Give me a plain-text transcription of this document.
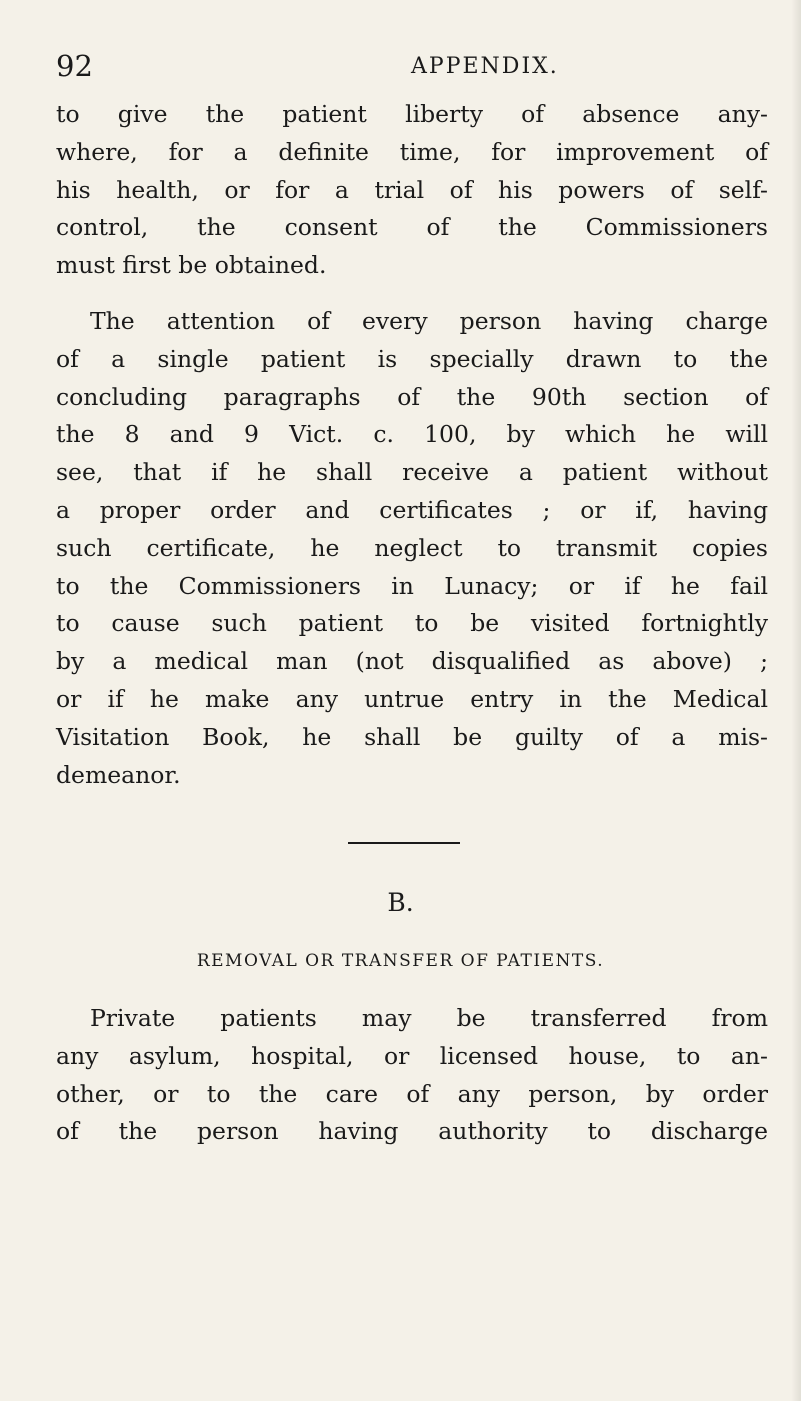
92	APPENDIX.

to give the patient liberty of absence any-
where, for a definite time, for improvement of
his health, or for a trial of his powers of self-
control, the consent of the Commissioners
must first be obtained.

The attention of every person having charge
of a single patient is specially drawn to the
concluding paragraphs of the 90th section of
the 8 and 9 Vict. c. 100, by which he will
see, that if he shall receive a patient without
a proper order and certificates ; or if, having
such certificate, he neglect to transmit copies
to the Commissioners in Lunacy; or if he fail
to cause such patient to be visited fortnightly
by a medical man (not disqualified as above) ;
or if he make any untrue entry in the Medical
Visitation Book, he shall be guilty of a mis-
demeanor.

B.
REMOVAL OR TRANSFER OF PATIENTS.

Private patients may be transferred from
any asylum, hospital, or licensed house, to an-
other, or to the care of any person, by order
of the person having authority to discharge
